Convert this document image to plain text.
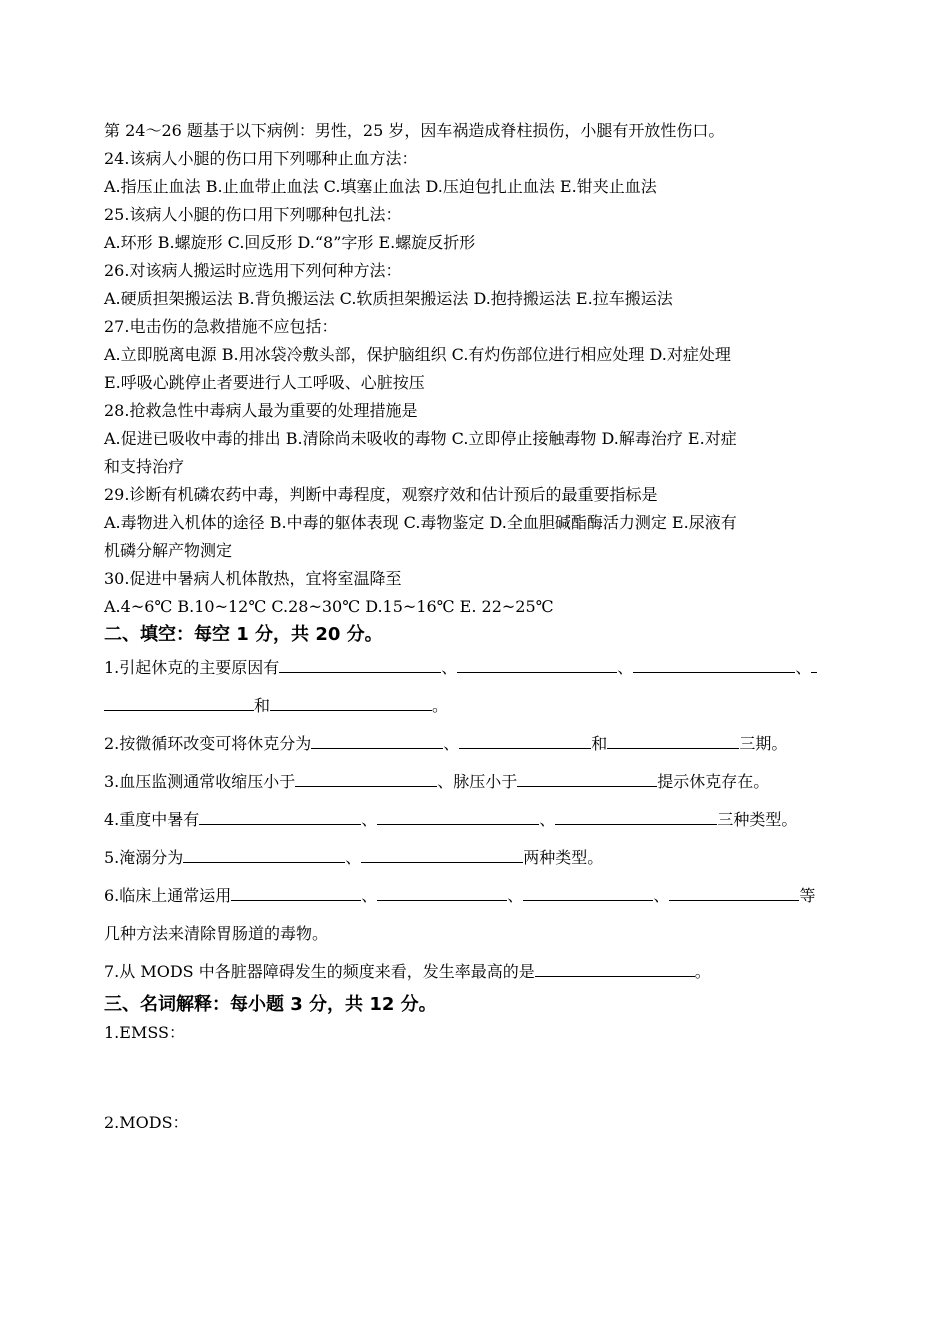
第 24～26 题基于以下病例：男性，25 岁，因车祸造成脊柱损伤，小腿有开放性伤口。
24.该病人小腿的伤口用下列哪种止血方法：
A.指压止血法 B.止血带止血法 C.填塞止血法 D.压迫包扎止血法 E.钳夹止血法
25.该病人小腿的伤口用下列哪种包扎法：
A.环形 B.螺旋形 C.回反形 D.“8”字形 E.螺旋反折形
26.对该病人搬运时应选用下列何种方法：
A.硬质担架搬运法 B.背负搬运法 C.软质担架搬运法 D.抱持搬运法 E.拉车搬运法
27.电击伤的急救措施不应包括：
A.立即脱离电源 B.用冰袋冷敷头部，保护脑组织 C.有灼伤部位进行相应处理 D.对症处理
E.呼吸心跳停止者要进行人工呼吸、心脏按压
28.抢救急性中毒病人最为重要的处理措施是
A.促进已吸收中毒的排出 B.清除尚未吸收的毒物 C.立即停止接触毒物 D.解毒治疗 E.对症
和支持治疗
29.诊断有机磷农药中毒，判断中毒程度，观察疗效和估计预后的最重要指标是
A.毒物进入机体的途径 B.中毒的躯体表现 C.毒物鉴定 D.全血胆碱酯酶活力测定 E.尿液有
机磷分解产物测定
30.促进中暑病人机体散热，宜将室温降至
A.4~6℃ B.10~12℃ C.28~30℃ D.15~16℃ E. 22~25℃
二、填空：每空 1 分，共 20 分。
1.引起休克的主要原因有	、	、	、
和	。
2.按微循环改变可将休克分为	、	和	三期。
3.血压监测通常收缩压小于	、脉压小于	提示休克存在。
4.重度中暑有	、	、	三种类型。
5.淹溺分为	、	两种类型。
6.临床上通常运用	、	、	、	等
几种方法来清除胃肠道的毒物。
7.从 MODS 中各脏器障碍发生的频度来看，发生率最高的是	。
三、名词解释：每小题 3 分，共 12 分。
1.EMSS：
2.MODS：
